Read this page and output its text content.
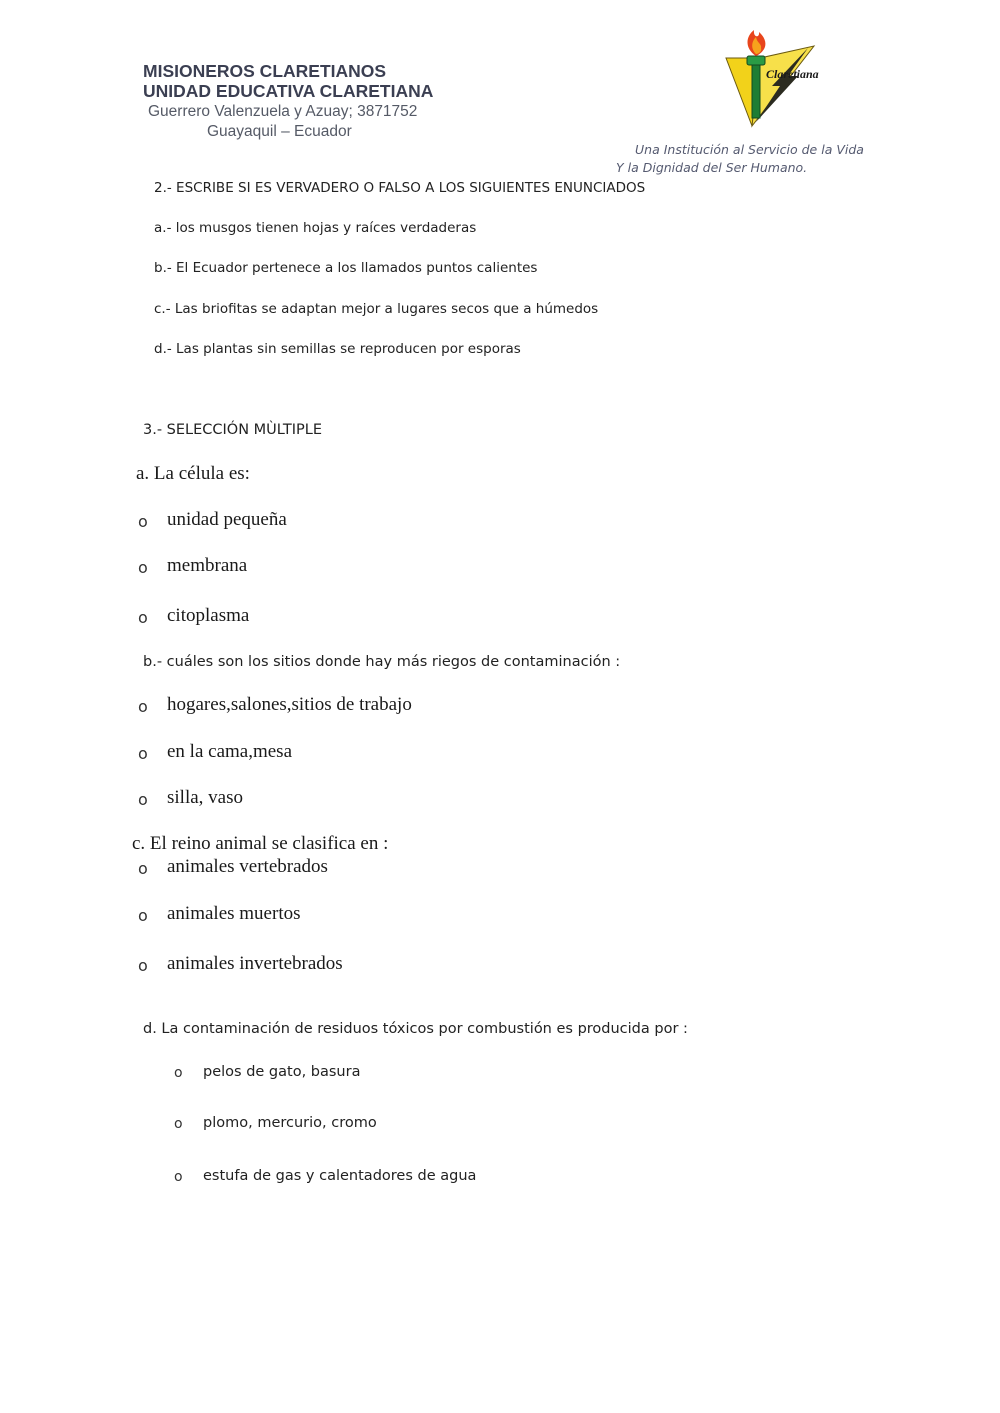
MISIONEROS CLARETIANOS
UNIDAD EDUCATIVA CLARETIANA
Guerrero Valenzuela y Azuay; 3871752
Guayaquil – Ecuador
Claretiana
Una Institución al Servicio de la Vida
Y la Dignidad del Ser Humano.
2.- ESCRIBE SI ES VERVADERO O FALSO A LOS SIGUIENTES ENUNCIADOS
a.- los musgos tienen hojas y raíces verdaderas
b.- El Ecuador pertenece a los llamados puntos calientes
c.- Las briofitas se adaptan mejor a lugares secos que a húmedos
d.- Las plantas sin semillas se reproducen por esporas
3.- SELECCIÓN MÙLTIPLE
a. La célula es:
o unidad pequeña
o membrana
o citoplasma
b.- cuáles son los sitios donde hay más riegos de contaminación :
o hogares,salones,sitios de trabajo
o en la cama,mesa
o silla, vaso
c. El reino animal se clasifica en :
o animales vertebrados
o animales muertos
o animales invertebrados
d. La contaminación de residuos tóxicos por combustión es producida por :
o pelos de gato, basura
o plomo, mercurio, cromo
o estufa de gas y calentadores de agua
